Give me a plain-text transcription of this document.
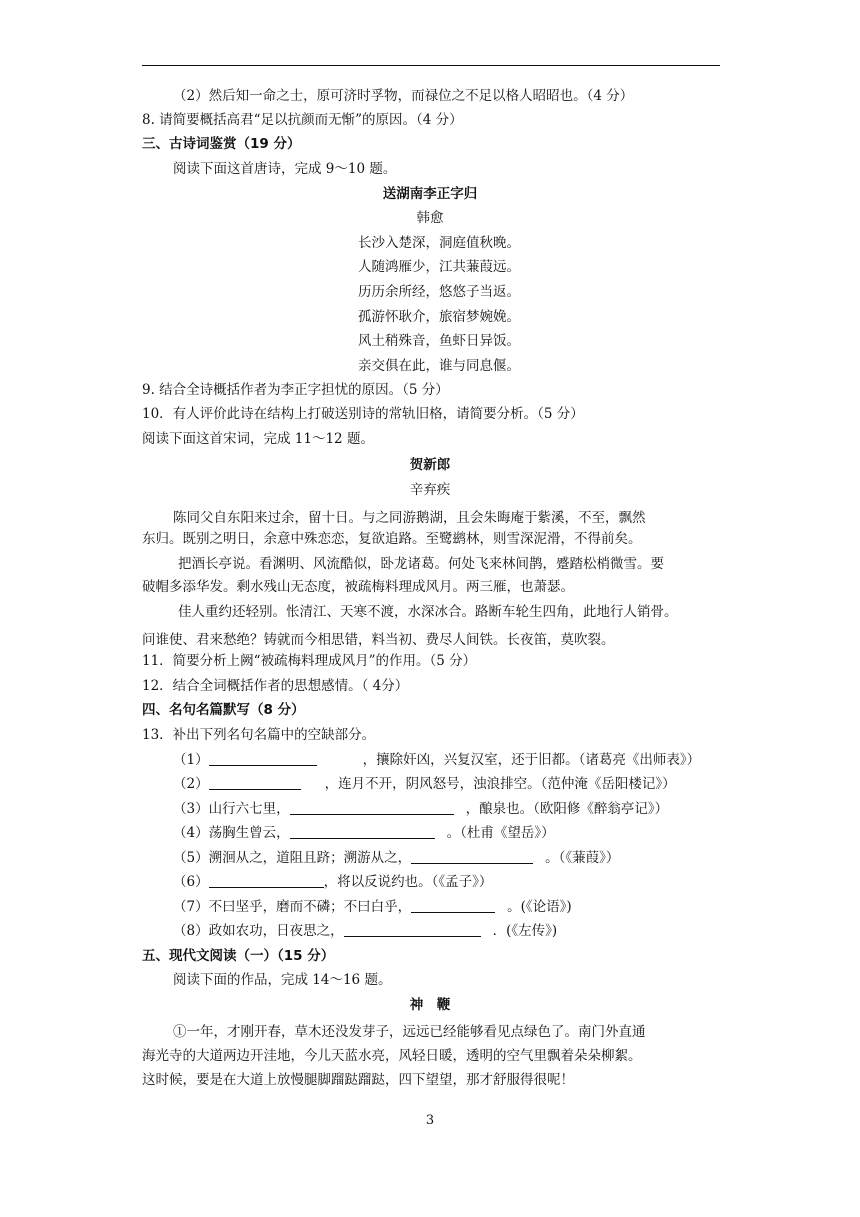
（2）然后知一命之士，原可济时孚物，而禄位之不足以格人昭昭也。（4 分）
8. 请简要概括高君“足以抗颜而无惭”的原因。（4 分）
三、古诗词鉴赏（19 分）
阅读下面这首唐诗，完成 9～10 题。
送湖南李正字归
韩愈
长沙入楚深，洞庭值秋晚。
人随鸿雁少，江共蒹葭远。
历历余所经，悠悠子当返。
孤游怀耿介，旅宿梦婉娩。
风土稍殊音，鱼虾日异饭。
亲交俱在此，谁与同息偃。
9. 结合全诗概括作者为李正字担忧的原因。（5 分）
10．有人评价此诗在结构上打破送别诗的常轨旧格，请简要分析。（5 分）
阅读下面这首宋词，完成 11～12 题。
贺新郎
辛弃疾
陈同父自东阳来过余，留十日。与之同游鹅湖，且会朱晦庵于紫溪，不至，飘然
东归。既别之明日，余意中殊恋恋，复欲追路。至鹭鹚林，则雪深泥滑，不得前矣。
把酒长亭说。看渊明、风流酷似，卧龙诸葛。何处飞来林间鹊，蹙踏松梢微雪。要
破帽多添华发。剩水残山无态度，被疏梅料理成风月。两三雁，也萧瑟。
佳人重约还轻别。怅清江、天寒不渡，水深冰合。路断车轮生四角，此地行人销骨。
问谁使、君来愁绝？铸就而今相思错，料当初、费尽人间铁。长夜笛，莫吹裂。
11．简要分析上阙“被疏梅料理成风月”的作用。（5 分）
12．结合全词概括作者的思想感情。（ 4分）
四、名句名篇默写（8 分）
13．补出下列名句名篇中的空缺部分。
（1）	，攘除奸凶，兴复汉室，还于旧都。（诸葛亮《出师表》）
（2）	，连月不开，阴风怒号，浊浪排空。（范仲淹《岳阳楼记》）
（3）山行六七里，	，酿泉也。（欧阳修《醉翁亭记》）
（4）荡胸生曾云，	。（杜甫《望岳》）
（5）溯洄从之，道阻且跻；溯游从之，	。（《蒹葭》）
（6）	，将以反说约也。（《孟子》）
（7）不曰坚乎，磨而不磷；不曰白乎，	。(《论语》)
（8）政如农功，日夜思之，	．(《左传》)
五、现代文阅读（一）（15 分）
阅读下面的作品，完成 14～16 题。
神　鞭
①一年，才刚开春，草木还没发芽子，远远已经能够看见点绿色了。南门外直通
海光寺的大道两边开洼地，今儿天蓝水亮，风轻日暖，透明的空气里飘着朵朵柳絮。
这时候，要是在大道上放慢腿脚蹓跶蹓跶，四下望望，那才舒服得很呢！
3
